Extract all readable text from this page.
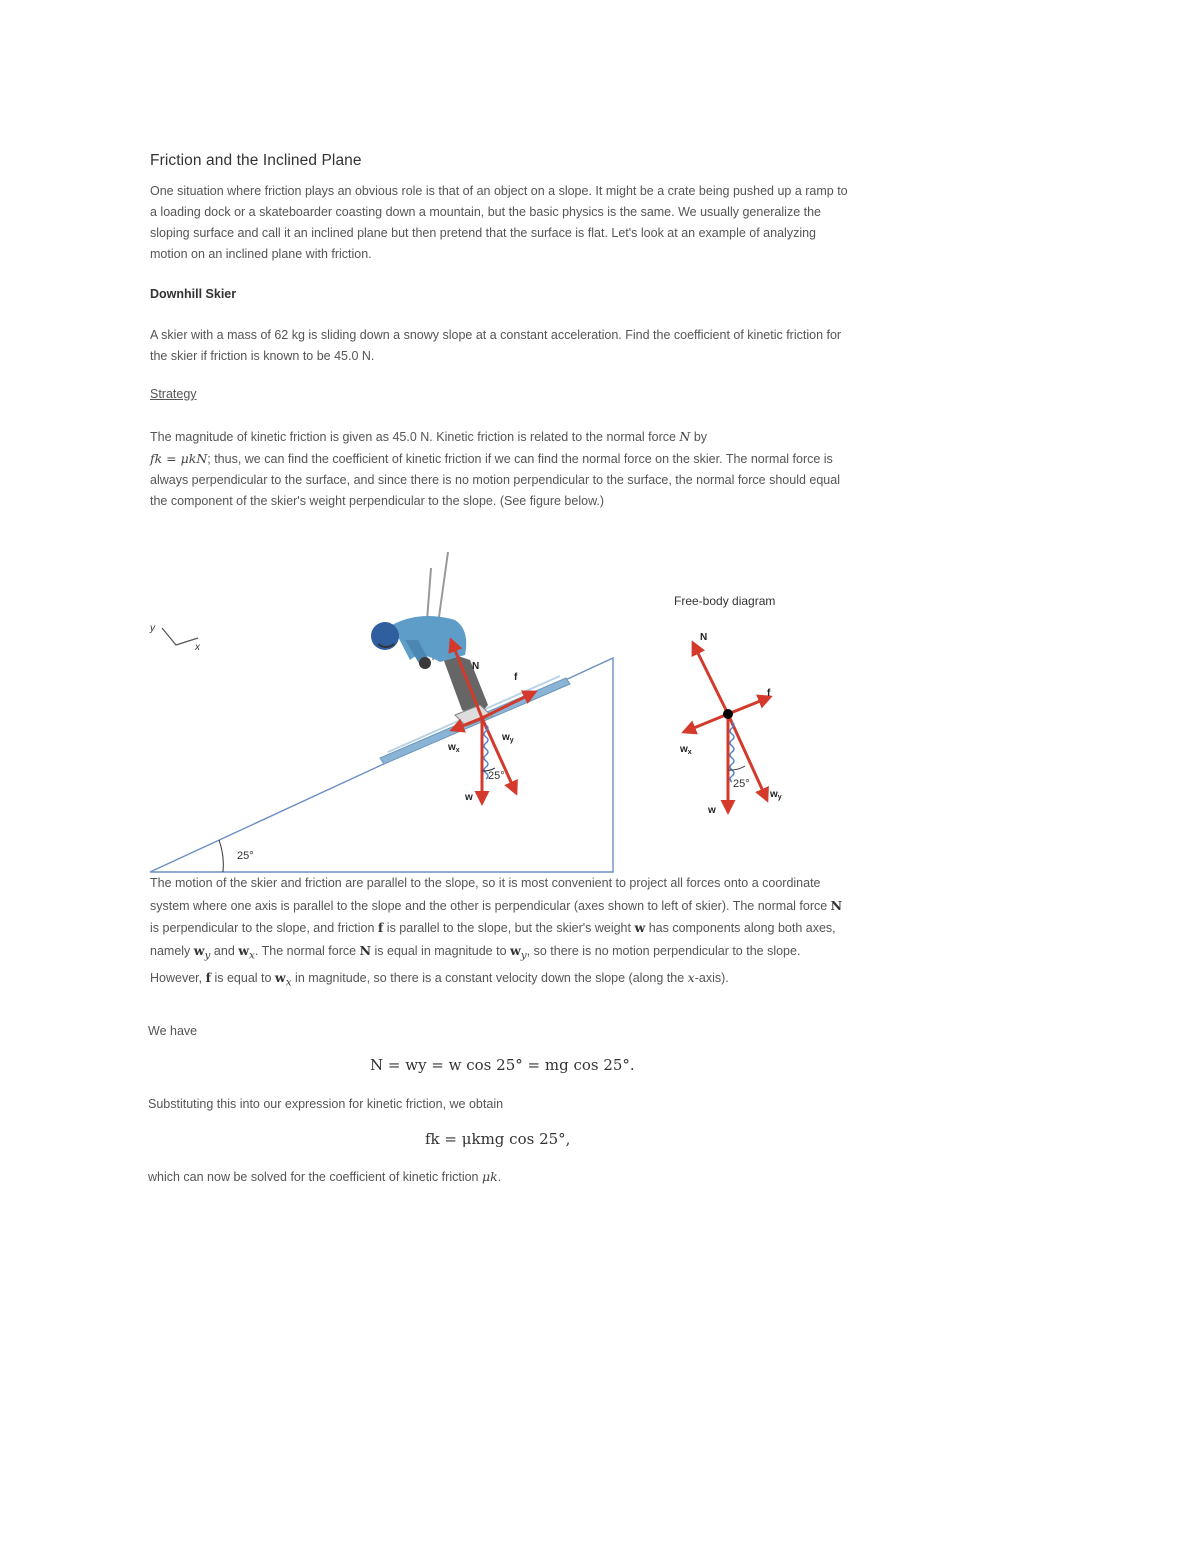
Friction and the Inclined Plane
One situation where friction plays an obvious role is that of an object on a slope. It might be a crate being pushed up a ramp to a loading dock or a skateboarder coasting down a mountain, but the basic physics is the same. We usually generalize the sloping surface and call it an inclined plane but then pretend that the surface is flat. Let's look at an example of analyzing motion on an inclined plane with friction.
Downhill Skier
A skier with a mass of 62 kg is sliding down a snowy slope at a constant acceleration. Find the coefficient of kinetic friction for the skier if friction is known to be 45.0 N.
Strategy
The magnitude of kinetic friction is given as 45.0 N. Kinetic friction is related to the normal force N by
fk = μkN; thus, we can find the coefficient of kinetic friction if we can find the normal force on the skier. The normal force is always perpendicular to the surface, and since there is no motion perpendicular to the surface, the normal force should equal the component of the skier's weight perpendicular to the slope. (See figure below.)
y
x
25°
25°
N
f
w
$w_x$
$w_y$
Free-body diagram
25°
N
f
w
$w_x$
$w_y$
The motion of the skier and friction are parallel to the slope, so it is most convenient to project all forces onto a coordinate system where one axis is parallel to the slope and the other is perpendicular (axes shown to left of skier). The normal force N is perpendicular to the slope, and friction f is parallel to the slope, but the skier's weight w has components along both axes, namely $w_y$ and $w_x$. The normal force N is equal in magnitude to $w_y$, so there is no motion perpendicular to the slope. However, f is equal to $w_x$ in magnitude, so there is a constant velocity down the slope (along the x-axis).
We have
N = wy = w cos 25° = mg cos 25°.
Substituting this into our expression for kinetic friction, we obtain
fk = μkmg cos 25°,
which can now be solved for the coefficient of kinetic friction μk.
